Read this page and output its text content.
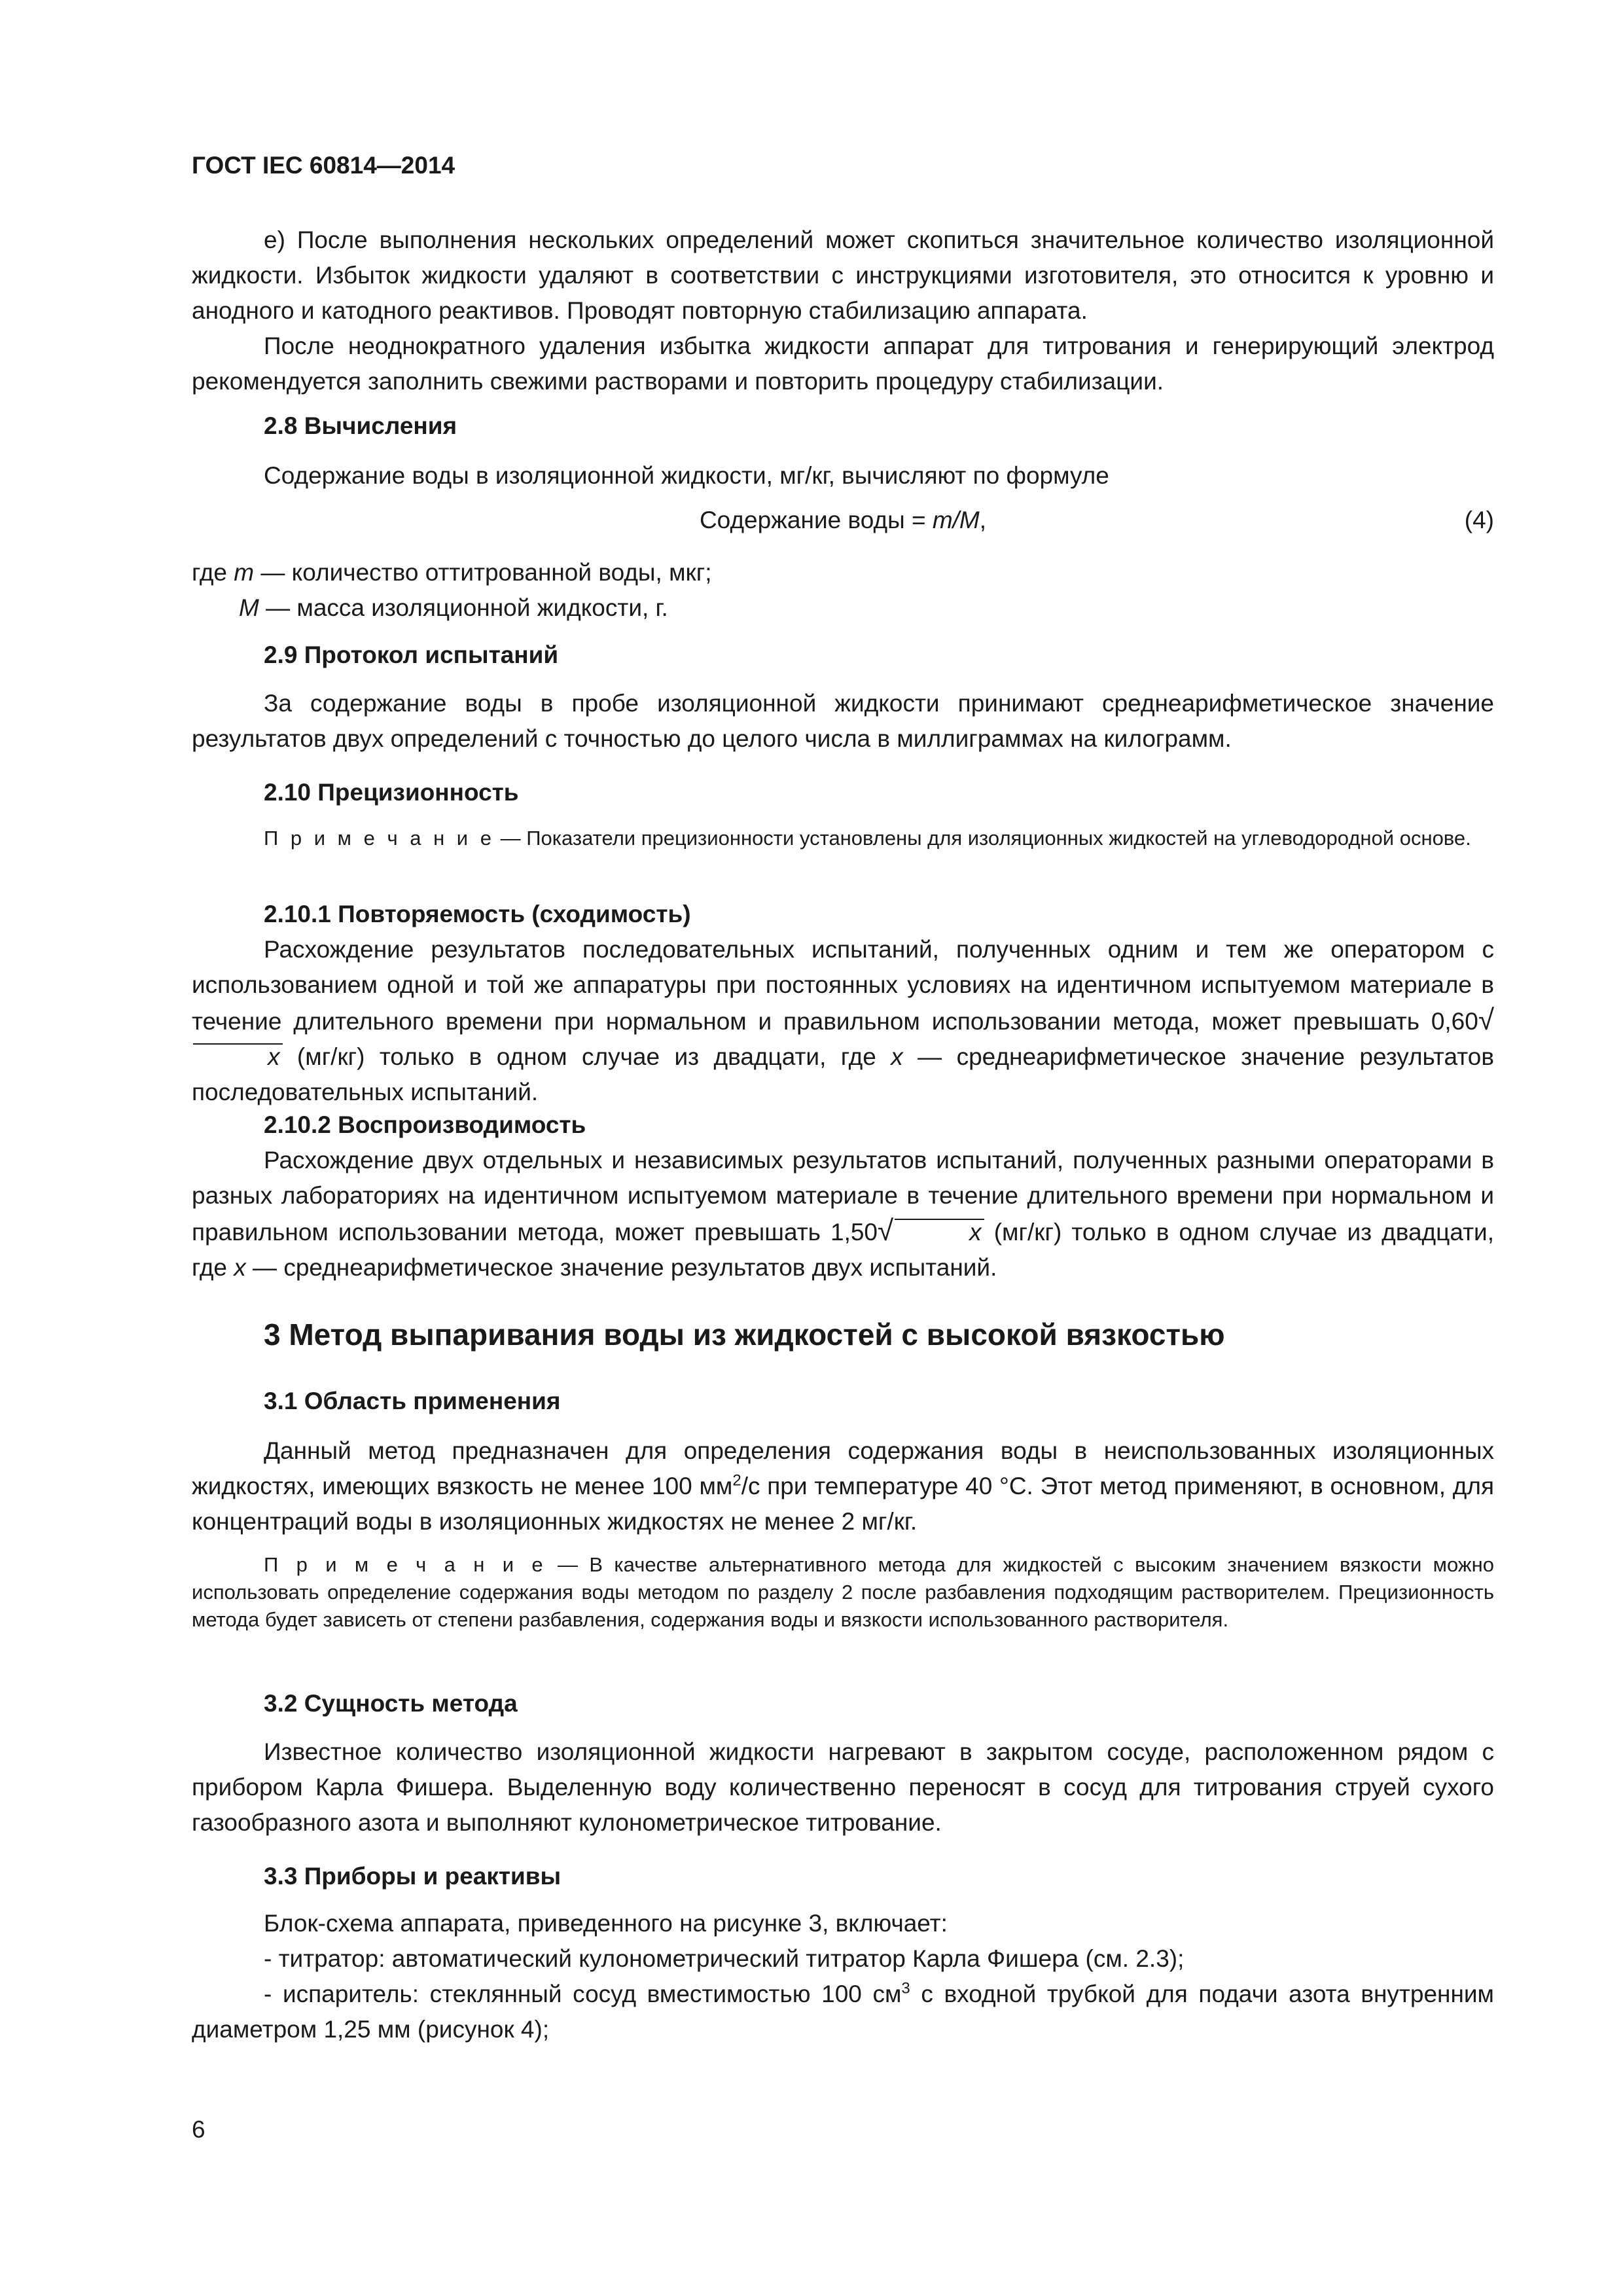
ГОСТ IEC 60814—2014

е) После выполнения нескольких определений может скопиться значительное количество изоляционной жидкости. Избыток жидкости удаляют в соответствии с инструкциями изготовителя, это относится к уровню и анодного и катодного реактивов. Проводят повторную стабилизацию аппарата.

После неоднократного удаления избытка жидкости аппарат для титрования и генерирующий электрод рекомендуется заполнить свежими растворами и повторить процедуру стабилизации.

2.8 Вычисления

Содержание воды в изоляционной жидкости, мг/кг, вычисляют по формуле

Содержание воды = m/M,	(4)
где m — количество оттитрованной воды, мкг;
M — масса изоляционной жидкости, г.
2.9 Протокол испытаний

За содержание воды в пробе изоляционной жидкости принимают среднеарифметическое значение результатов двух определений с точностью до целого числа в миллиграммах на килограмм.

2.10 Прецизионность

П р и м е ч а н и е — Показатели прецизионности установлены для изоляционных жидкостей на углеводородной основе.

2.10.1 Повторяемость (сходимость)

Расхождение результатов последовательных испытаний, полученных одним и тем же оператором с использованием одной и той же аппаратуры при постоянных условиях на идентичном испытуемом материале в течение длительного времени при нормальном и правильном использовании метода, может превышать 0,60√x (мг/кг) только в одном случае из двадцати, где x — среднеарифметическое значение результатов последовательных испытаний.

2.10.2 Воспроизводимость

Расхождение двух отдельных и независимых результатов испытаний, полученных разными операторами в разных лабораториях на идентичном испытуемом материале в течение длительного времени при нормальном и правильном использовании метода, может превышать 1,50√	x (мг/кг) только в одном случае из двадцати, где x — среднеарифметическое значение результатов двух испытаний.

3 Метод выпаривания воды из жидкостей с высокой вязкостью
3.1 Область применения

Данный метод предназначен для определения содержания воды в неиспользованных изоляционных жидкостях, имеющих вязкость не менее 100 $мм^2/с$ при температуре 40 °С. Этот метод применяют, в основном, для концентраций воды в изоляционных жидкостях не менее 2 мг/кг.

П р и м е ч а н и е — В качестве альтернативного метода для жидкостей с высоким значением вязкости можно использовать определение содержания воды методом по разделу 2 после разбавления подходящим растворителем. Прецизионность метода будет зависеть от степени разбавления, содержания воды и вязкости использованного растворителя.

3.2 Сущность метода

Известное количество изоляционной жидкости нагревают в закрытом сосуде, расположенном рядом с прибором Карла Фишера. Выделенную воду количественно переносят в сосуд для титрования струей сухого газообразного азота и выполняют кулонометрическое титрование.

3.3 Приборы и реактивы

Блок-схема аппарата, приведенного на рисунке 3, включает:

- титратор: автоматический кулонометрический титратор Карла Фишера (см. 2.3);

- испаритель: стеклянный сосуд вместимостью 100 $см^3$ с входной трубкой для подачи азота внутренним диаметром 1,25 мм (рисунок 4);

6
